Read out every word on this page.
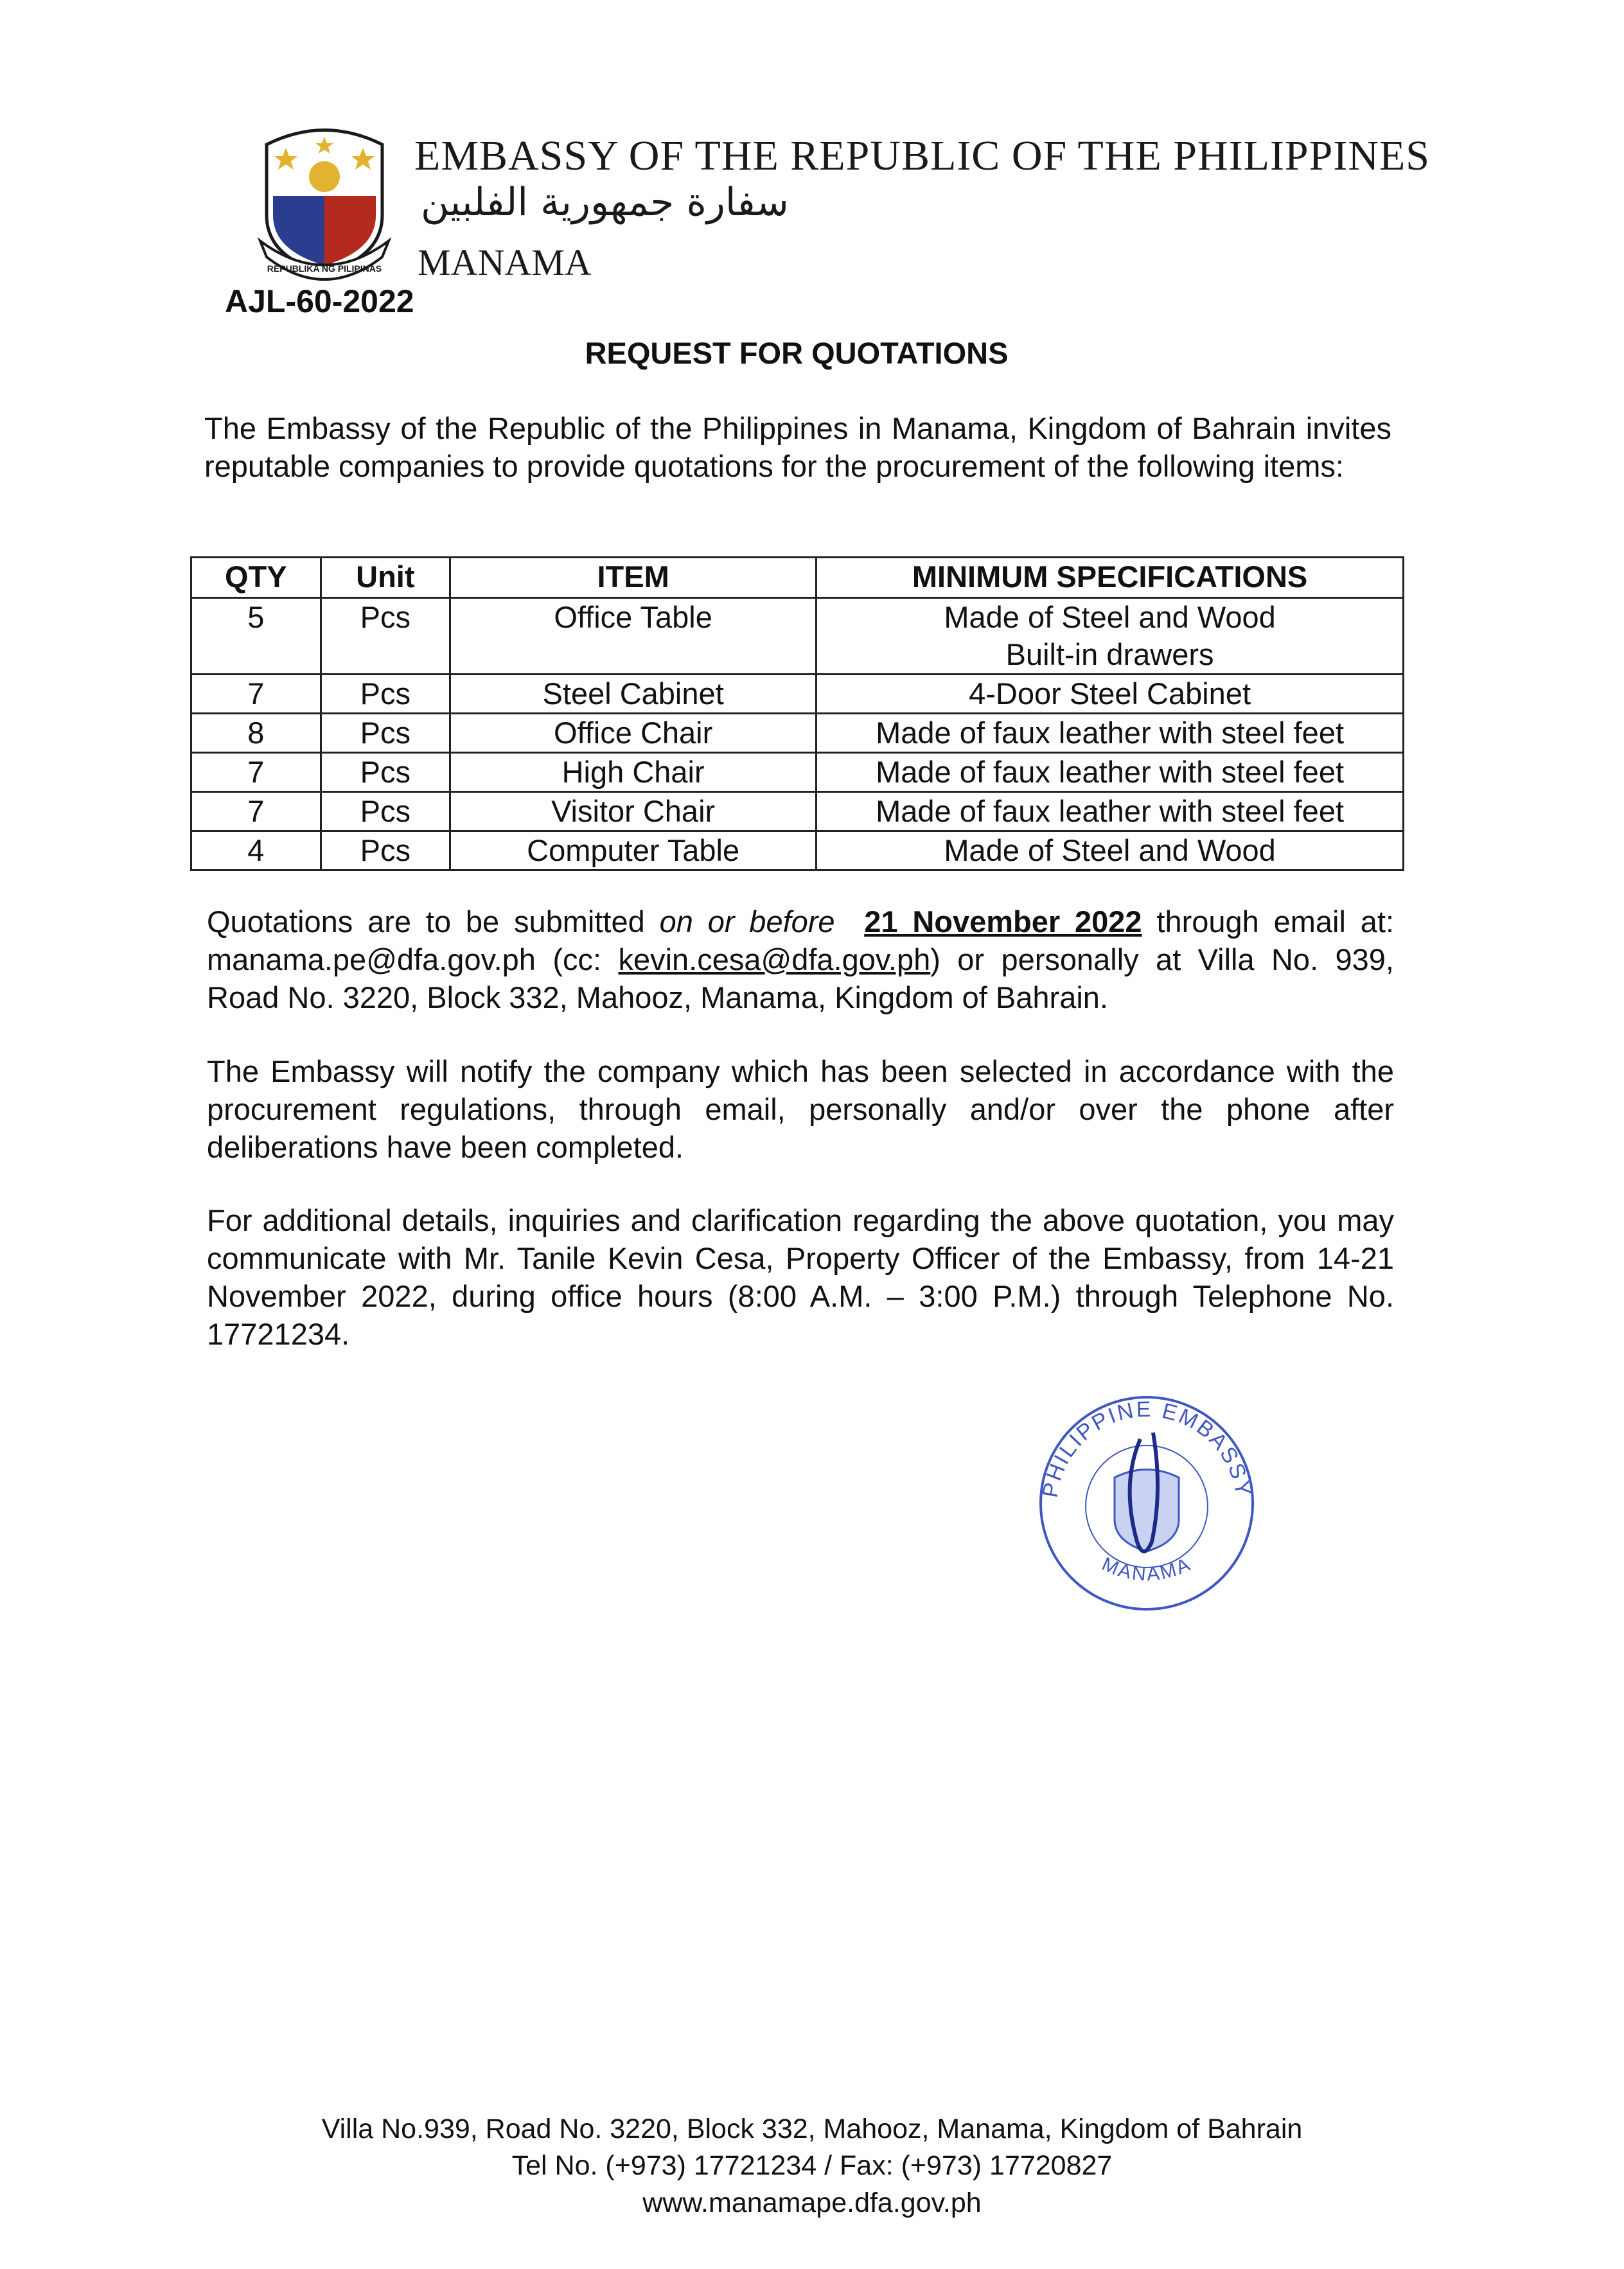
REPUBLIKA NG PILIPINAS
EMBASSY OF THE REPUBLIC OF THE PHILIPPINES
سفارة جمهورية الفلبين
MANAMA
AJL-60-2022
REQUEST FOR QUOTATIONS
The Embassy of the Republic of the Philippines in Manama, Kingdom of Bahrain invites reputable companies to provide quotations for the procurement of the following items:
QTY	Unit	ITEM	MINIMUM SPECIFICATIONS
5	Pcs	Office Table	Made of Steel and Wood
Built-in drawers

7	Pcs	Steel Cabinet	4-Door Steel Cabinet
8	Pcs	Office Chair	Made of faux leather with steel feet
7	Pcs	High Chair	Made of faux leather with steel feet
7	Pcs	Visitor Chair	Made of faux leather with steel feet
4	Pcs	Computer Table	Made of Steel and Wood
Quotations are to be submitted on or before 21 November 2022 through email at: manama.pe@dfa.gov.ph (cc: kevin.cesa@dfa.gov.ph) or personally at Villa No. 939, Road No. 3220, Block 332, Mahooz, Manama, Kingdom of Bahrain.
The Embassy will notify the company which has been selected in accordance with the procurement regulations, through email, personally and/or over the phone after deliberations have been completed.
For additional details, inquiries and clarification regarding the above quotation, you may communicate with Mr. Tanile Kevin Cesa, Property Officer of the Embassy, from 14-21 November 2022, during office hours (8:00 A.M. – 3:00 P.M.) through Telephone No. 17721234.
PHILIPPINE EMBASSY
MANAMA
Villa No.939, Road No. 3220, Block 332, Mahooz, Manama, Kingdom of Bahrain
Tel No. (+973) 17721234 / Fax: (+973) 17720827
www.manamape.dfa.gov.ph
